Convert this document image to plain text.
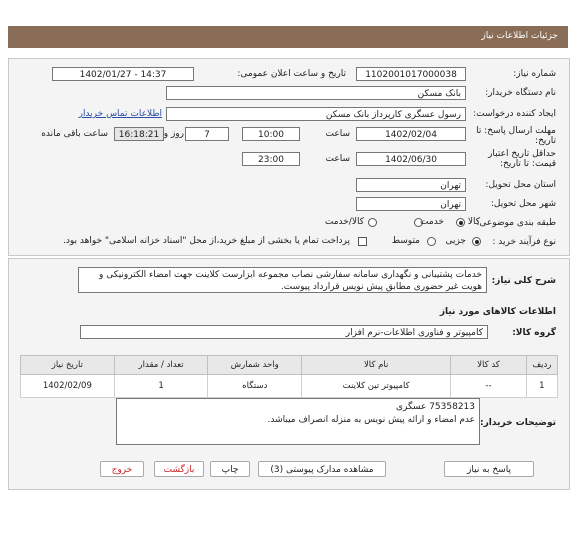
جزئیات اطلاعات نیاز
شماره نیاز:
1102001017000038
تاریخ و ساعت اعلان عمومی:
1402/01/27 - 14:37
نام دستگاه خریدار:
بانک مسکن
ایجاد کننده درخواست:
رسول عسگری کارپرداز بانک مسکن
اطلاعات تماس خریدار
مهلت ارسال پاسخ: تا تاریخ:
1402/02/04
ساعت
10:00
7
روز و
16:18:21
ساعت باقی مانده
حداقل تاریخ اعتبار قیمت: تا تاریخ:
1402/06/30
ساعت
23:00
استان محل تحویل:
تهران
شهر محل تحویل:
تهران
طبقه بندی موضوعی:
کالا
خدمت
کالا/خدمت
نوع فرآیند خرید :
جزیی
متوسط
پرداخت تمام یا بخشی از مبلغ خرید،از محل "اسناد خزانه اسلامی" خواهد بود.
شرح کلی نیاز:
خدمات پشتیبانی و نگهداری سامانه سفارشی نصاب مجموعه ابزارست کلاینت جهت امضاء الکترونیکی و هویت غیر حضوری مطابق پیش نویس قرارداد پیوست.
اطلاعات کالاهای مورد نیاز
گروه کالا:
کامپیوتر و فناوری اطلاعات-نرم افزار
ردیف	کد کالا	نام کالا	واحد شمارش	تعداد / مقدار	تاریخ نیاز
1	--	کامپیوتر تین کلاینت	دستگاه	1	1402/02/09
توضیحات خریدار:
75358213 عسگری
عدم امضاء و ارائه پیش نویس به منزله انصراف میباشد.
پاسخ به نیاز
مشاهده مدارک پیوستی (3)
چاپ
بازگشت
خروج
